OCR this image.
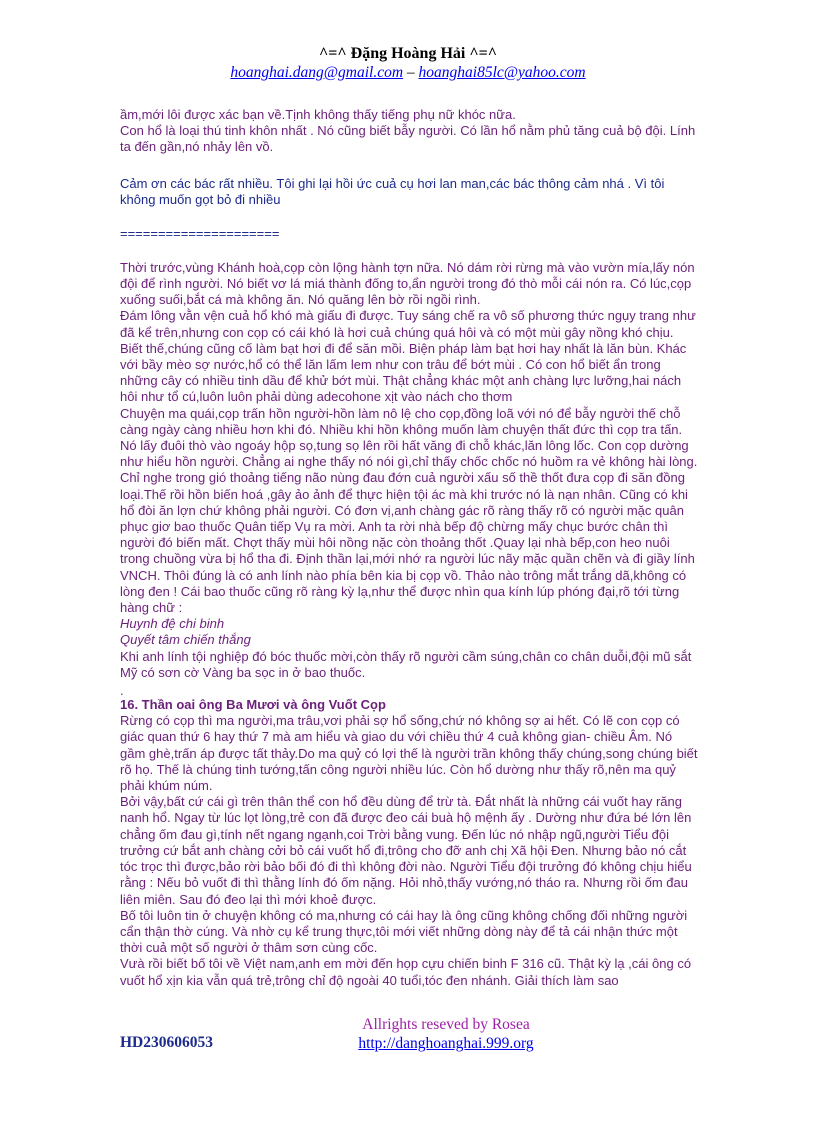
^=^ Đặng Hoàng Hải ^=^
hoanghai.dang@gmail.com – hoanghai85lc@yahoo.com

ầm,mới lôi được xác bạn về.Tịnh không thấy tiếng phụ nữ khóc nữa.

Con hổ là loại thú tinh khôn nhất . Nó cũng biết bẫy người. Có lần hổ nằm phủ tăng cuả bộ đội. Lính ta đến gần,nó nhảy lên vồ.

Cảm ơn các bác rất nhiều. Tôi ghi lại hồi ức cuả cụ hơi lan man,các bác thông cảm nhá . Vì tôi không muốn gọt bỏ đi nhiều

=====================

Thời trước,vùng Khánh hoà,cọp còn lộng hành tợn nữa. Nó dám rời rừng mà vào vườn mía,lấy nón đội để rình người. Nó biết vơ lá miá thành đống to,ẩn người trong đó thò mỗi cái nón ra. Có lúc,cọp xuống suối,bắt cá mà không ăn. Nó quăng lên bờ rồi ngồi rình.

Đám lông vằn vện cuả hổ khó mà giấu đi được. Tuy sáng chế ra vô số phương thức ngụy trang như đã kể trên,nhưng con cọp có cái khó là hơi cuả chúng quá hôi và có một mùi gây nồng khó chịu. Biết thế,chúng cũng cố làm bạt hơi đi để săn mồi. Biện pháp làm bạt hơi hay nhất là lăn bùn. Khác với bầy mèo sợ nước,hổ có thể lăn lấm lem như con trâu để bớt mùi . Có con hổ biết ẩn trong những cây có nhiều tinh dầu để khử bớt mùi. Thật chẳng khác một anh chàng lực lưỡng,hai nách hôi như tổ cú,luôn luôn phải dùng adecohone xịt vào nách cho thơm

Chuyện ma quái,cọp trấn hồn người-hồn làm nô lệ cho cọp,đồng loã với nó để bẫy người thế chỗ càng ngày càng nhiều hơn khi đó. Nhiều khi hồn không muốn làm chuyện thất đức thì cọp tra tấn. Nó lấy đuôi thò vào ngoáy hộp sọ,tung sọ lên rồi hất văng đi chỗ khác,lăn lông lốc. Con cọp dường như hiểu hồn người. Chẳng ai nghe thấy nó nói gì,chỉ thấy chốc chốc nó huồm ra vẻ không hài lòng. Chỉ nghe trong gió thoảng tiếng não nùng đau đớn cuả người xấu số thề thốt đưa cọp đi săn đồng loại.Thế rồi hồn biến hoá ,gây ảo ảnh để thực hiện tội ác mà khi trước nó là nạn nhân. Cũng có khi hổ đòi ăn lợn chứ không phải người. Có đơn vị,anh chàng gác rõ ràng thấy rõ có người mặc quân phục giơ bao thuốc Quân tiếp Vụ ra mời. Anh ta rời nhà bếp độ chừng mấy chục bước chân thì người đó biến mất. Chợt thấy mùi hôi nồng nặc còn thoảng thốt .Quay lại nhà bếp,con heo nuôi trong chuồng vừa bị hổ tha đi. Định thần lại,mới nhớ ra người lúc nãy mặc quần chẽn và đi giầy lính VNCH. Thôi đúng là có anh lính nào phía bên kia bị cọp vồ. Thảo nào trông mắt trắng dã,không có lòng đen ! Cái bao thuốc cũng rõ ràng kỳ lạ,như thể được nhìn qua kính lúp phóng đại,rõ tới từng hàng chữ :

Huynh đệ chi binh

Quyết tâm chiến thắng

Khi anh lính tội nghiệp đó bóc thuốc mời,còn thấy rõ người cầm súng,chân co chân duỗi,đội mũ sắt Mỹ có sơn cờ Vàng ba sọc in ở bao thuốc.

.

16. Thần oai ông Ba Mươi và ông Vuốt Cọp

Rừng có cọp thì ma người,ma trâu,vơi phải sợ hổ sống,chứ nó không sợ ai hết. Có lẽ con cọp có giác quan thứ 6 hay thứ 7 mà am hiểu và giao du với chiều thứ 4 cuả không gian- chiều Âm. Nó gầm ghè,trấn áp được tất thảy.Do ma quỷ có lợi thế là người trần không thấy chúng,song chúng biết rõ họ. Thế là chúng tinh tướng,tấn công người nhiều lúc. Còn hổ dường như thấy rõ,nên ma quỷ phải khúm núm.

Bởi vậy,bất cứ cái gì trên thân thể con hổ đều dùng để trừ tà. Đắt nhất là những cái vuốt hay răng nanh hổ. Ngay từ lúc lọt lòng,trẻ con đã được đeo cái buà hộ mệnh ấy . Dường như đứa bé lớn lên chẳng ốm đau gì,tính nết ngang ngạnh,coi Trời bằng vung. Đến lúc nó nhập ngũ,người Tiểu đội trưởng cứ bắt anh chàng cởi bỏ cái vuốt hổ đi,trông cho đỡ anh chị Xã hội Đen. Nhưng bảo nó cắt tóc trọc thì được,bảo rời bảo bối đó đi thì không đời nào. Người Tiểu đội trưởng đó không chịu hiểu rằng : Nếu bỏ vuốt đi thì thằng lính đó ốm nặng. Hỏi nhỏ,thấy vướng,nó tháo ra. Nhưng rồi ốm đau liên miên. Sau đó đeo lại thì mới khoẻ được.

Bố tôi luôn tin ở chuyện không có ma,nhưng có cái hay là ông cũng không chống đối những người cẩn thận thờ cúng. Và nhờ cụ kể trung thực,tôi mới viết những dòng này để tả cái nhận thức một thời cuả một số người ở thâm sơn cùng cốc.

Vưà rồi biết bố tôi về Việt nam,anh em mời đến họp cựu chiến binh F 316 cũ. Thật kỳ lạ ,cái ông có vuốt hổ xịn kia vẫn quá trẻ,trông chỉ độ ngoài 40 tuổi,tóc đen nhánh. Giải thích làm sao

Allrights reseved by Rosea
http://danghoanghai.999.org
HD230606053
